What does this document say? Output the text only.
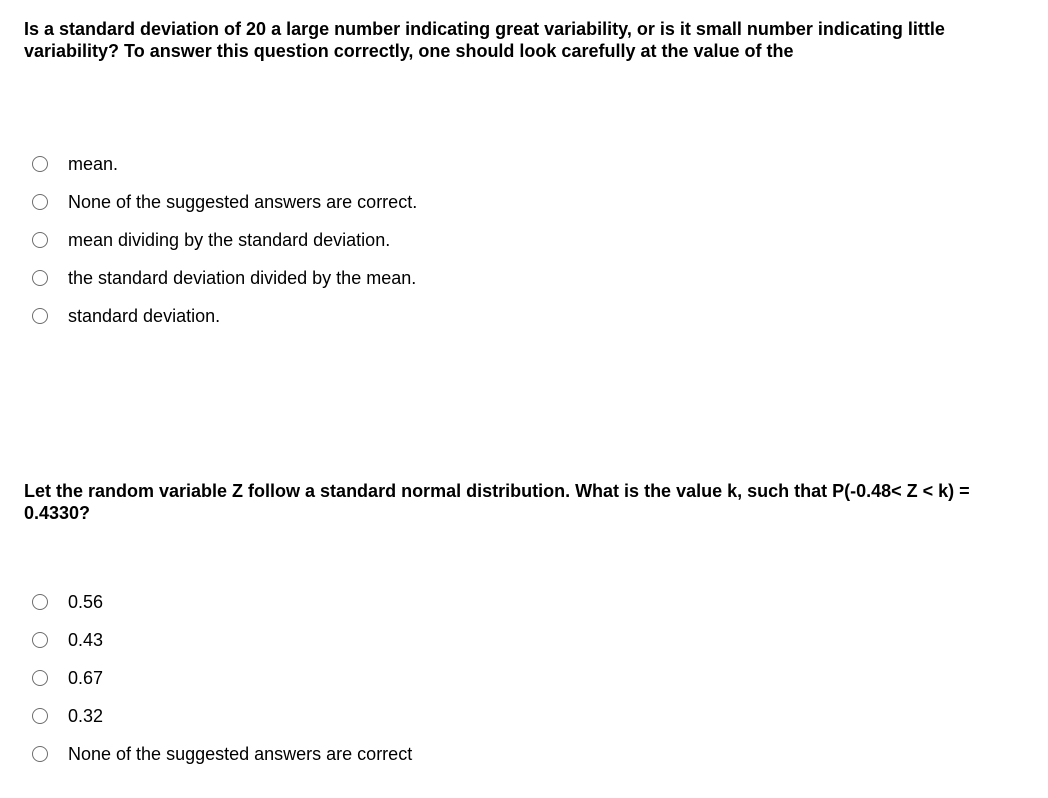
Is a standard deviation of 20 a large number indicating great variability, or is it small number indicating little variability? To answer this question correctly, one should look carefully at the value of the

mean.
None of the suggested answers are correct.
mean dividing by the standard deviation.
the standard deviation divided by the mean.
standard deviation.

Let the random variable Z follow a standard normal distribution. What is the value k, such that P(-0.48< Z < k) = 0.4330?

0.56
0.43
0.67
0.32
None of the suggested answers are correct
